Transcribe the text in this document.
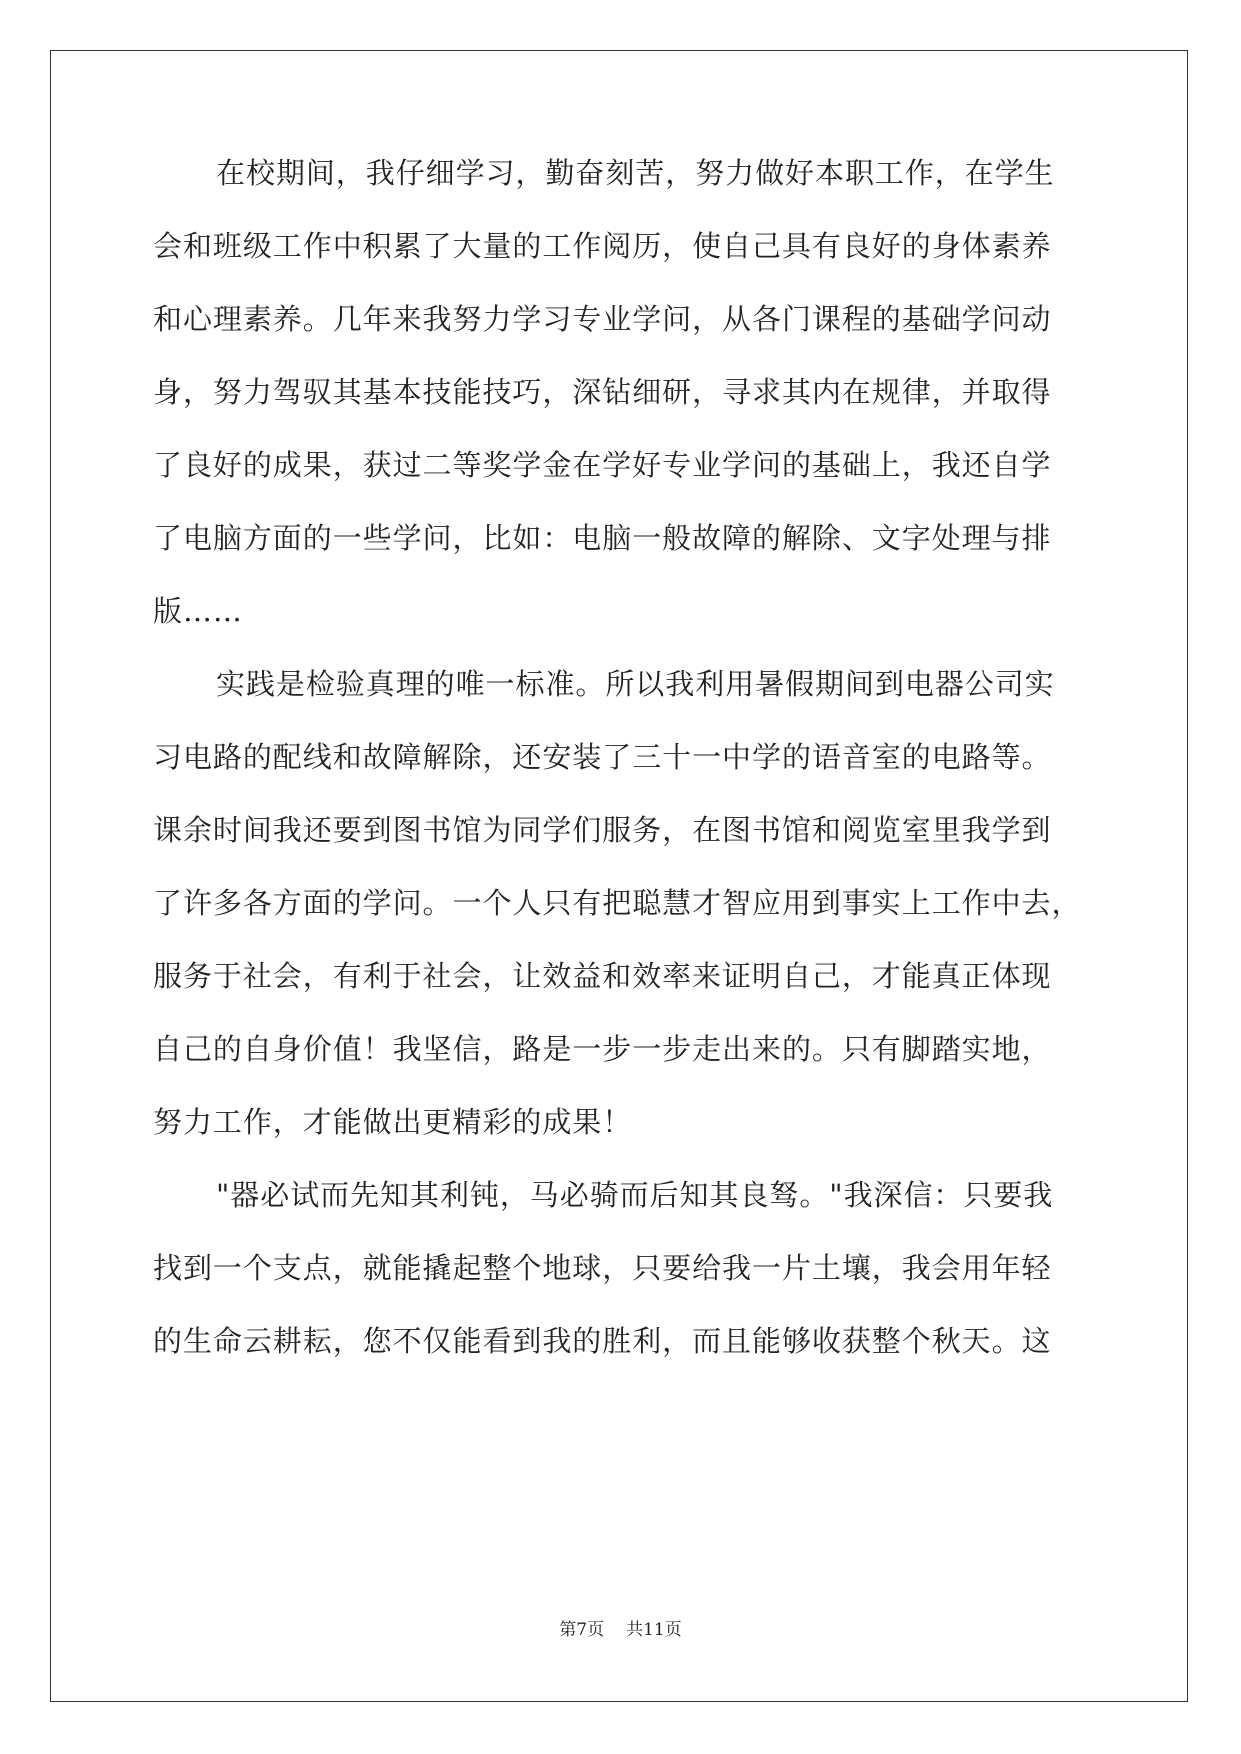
在校期间，我仔细学习，勤奋刻苦，努力做好本职工作，在学生
会和班级工作中积累了大量的工作阅历，使自己具有良好的身体素养
和心理素养。几年来我努力学习专业学问，从各门课程的基础学问动
身，努力驾驭其基本技能技巧，深钻细研，寻求其内在规律，并取得
了良好的成果，获过二等奖学金在学好专业学问的基础上，我还自学
了电脑方面的一些学问，比如：电脑一般故障的解除、文字处理与排
版……
实践是检验真理的唯一标准。所以我利用暑假期间到电器公司实
习电路的配线和故障解除，还安装了三十一中学的语音室的电路等。
课余时间我还要到图书馆为同学们服务，在图书馆和阅览室里我学到
了许多各方面的学问。一个人只有把聪慧才智应用到事实上工作中去，
服务于社会，有利于社会，让效益和效率来证明自己，才能真正体现
自己的自身价值！我坚信，路是一步一步走出来的。只有脚踏实地，
努力工作，才能做出更精彩的成果！
"器必试而先知其利钝，马必骑而后知其良驽。"我深信：只要我
找到一个支点，就能撬起整个地球，只要给我一片土壤，我会用年轻
的生命云耕耘，您不仅能看到我的胜利，而且能够收获整个秋天。这
第7页 共11页
